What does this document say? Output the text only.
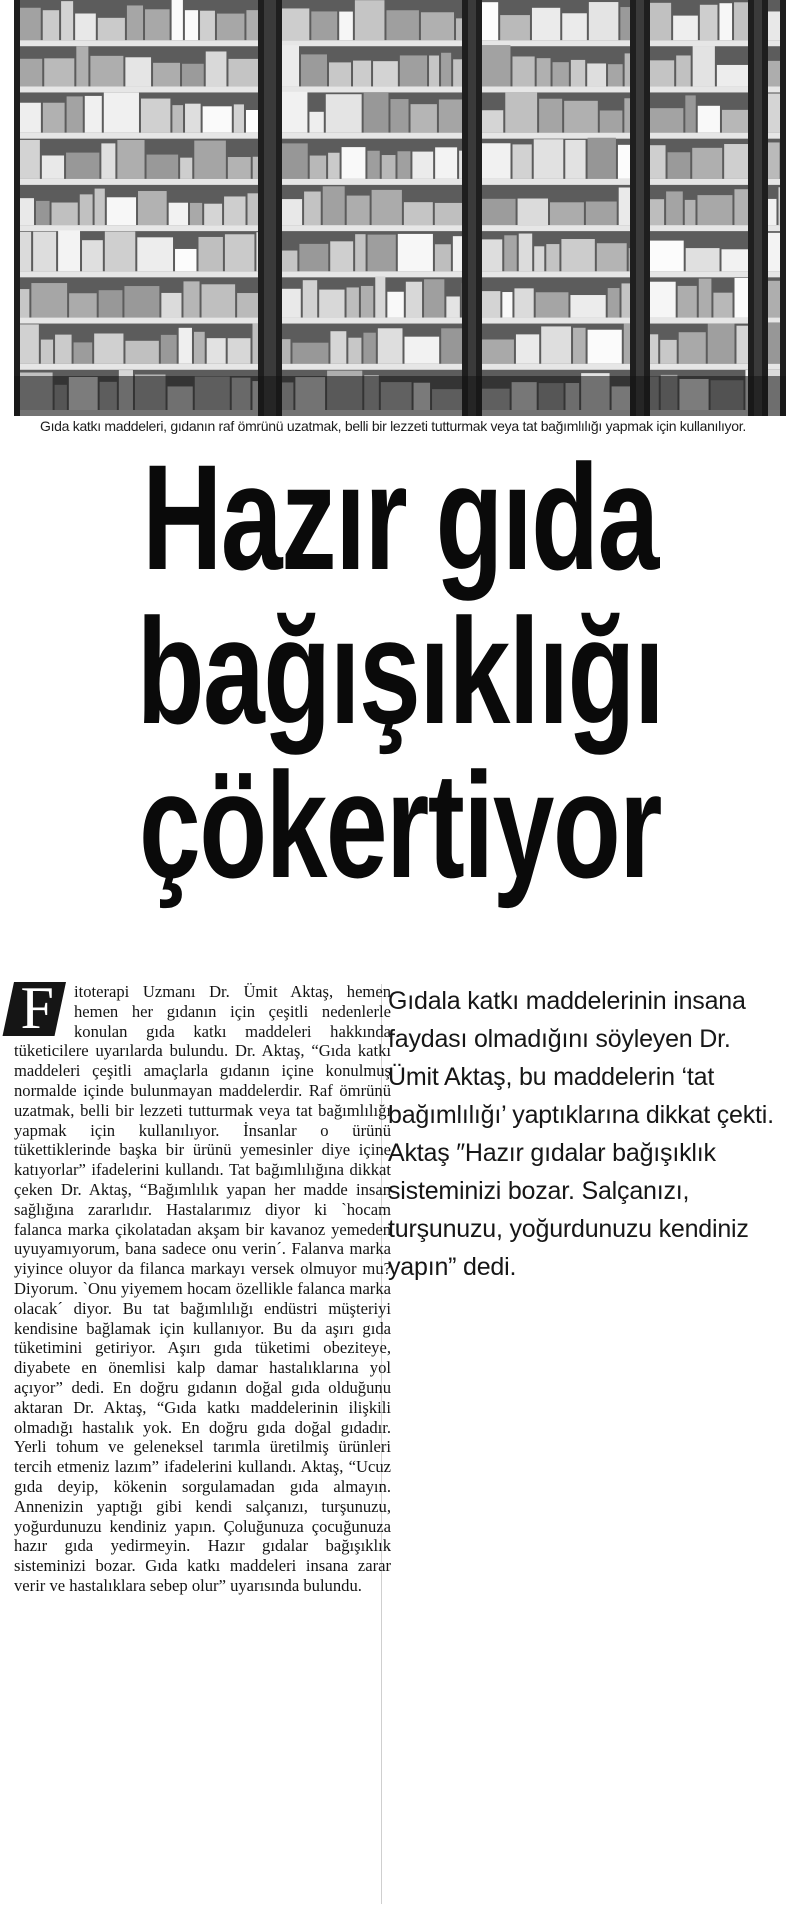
Gıda katkı maddeleri, gıdanın raf ömrünü uzatmak, belli bir lezzeti tutturmak veya tat bağımlılığı yapmak için kullanılıyor.
Hazır gıda
bağışıklığı
çökertiyor
F	itoterapi Uzmanı Dr. Ümit Aktaş, hemen hemen her gıdanın için çeşitli nedenlerle konulan gıda katkı maddeleri hakkında tüketicilere uyarılarda bulundu. Dr. Aktaş, “Gıda katkı maddeleri çeşitli amaçlarla gıdanın içine konulmuş normalde içinde bulunmayan maddelerdir. Raf ömrünü uzatmak, belli bir lezzeti tutturmak veya tat bağımlılığı yapmak için kullanılıyor. İnsanlar o ürünü tükettiklerinde başka bir ürünü yemesinler diye içine katıyorlar” ifadelerini kullandı. Tat bağımlılığına dikkat çeken Dr. Aktaş, “Bağımlılık yapan her madde insan sağlığına zararlıdır. Hastalarımız diyor ki `hocam falanca marka çikolatadan akşam bir kavanoz yemeden uyuyamıyorum, bana sadece onu verin´. Falanva marka yiyince oluyor da filanca markayı versek olmuyor mu? Diyorum. `Onu yiyemem hocam özellikle falanca marka olacak´ diyor. Bu tat bağımlılığı endüstri müşteriyi kendisine bağlamak için kullanıyor. Bu da aşırı gıda tüketimini getiriyor. Aşırı gıda tüketimi obeziteye, diyabete en önemlisi kalp damar hastalıklarına yol açıyor” dedi. En doğru gıdanın doğal gıda olduğunu aktaran Dr. Aktaş, “Gıda katkı maddelerinin ilişkili olmadığı hastalık yok. En doğru gıda doğal gıdadır. Yerli tohum ve geleneksel tarımla üretilmiş ürünleri tercih etmeniz lazım” ifadelerini kullandı. Aktaş, “Ucuz gıda deyip, kökenin sorgulamadan gıda almayın. Annenizin yaptığı gibi kendi salçanızı, turşunuzu, yoğurdunuzu kendiniz yapın. Çoluğunuza çocuğunuza hazır gıda yedirmeyin. Hazır gıdalar bağışıklık sisteminizi bozar. Gıda katkı maddeleri insana zarar verir ve hastalıklara sebep olur” uyarısında bulundu.

Gıdala katkı maddelerinin insana faydası olmadığını söyleyen Dr. Ümit Aktaş, bu maddelerin ‘tat bağımlılığı’ yaptıklarına dikkat çekti. Aktaş ″Hazır gıdalar bağışıklık sisteminizi bozar. Salçanızı, turşunuzu, yoğurdunuzu kendiniz yapın” dedi.
